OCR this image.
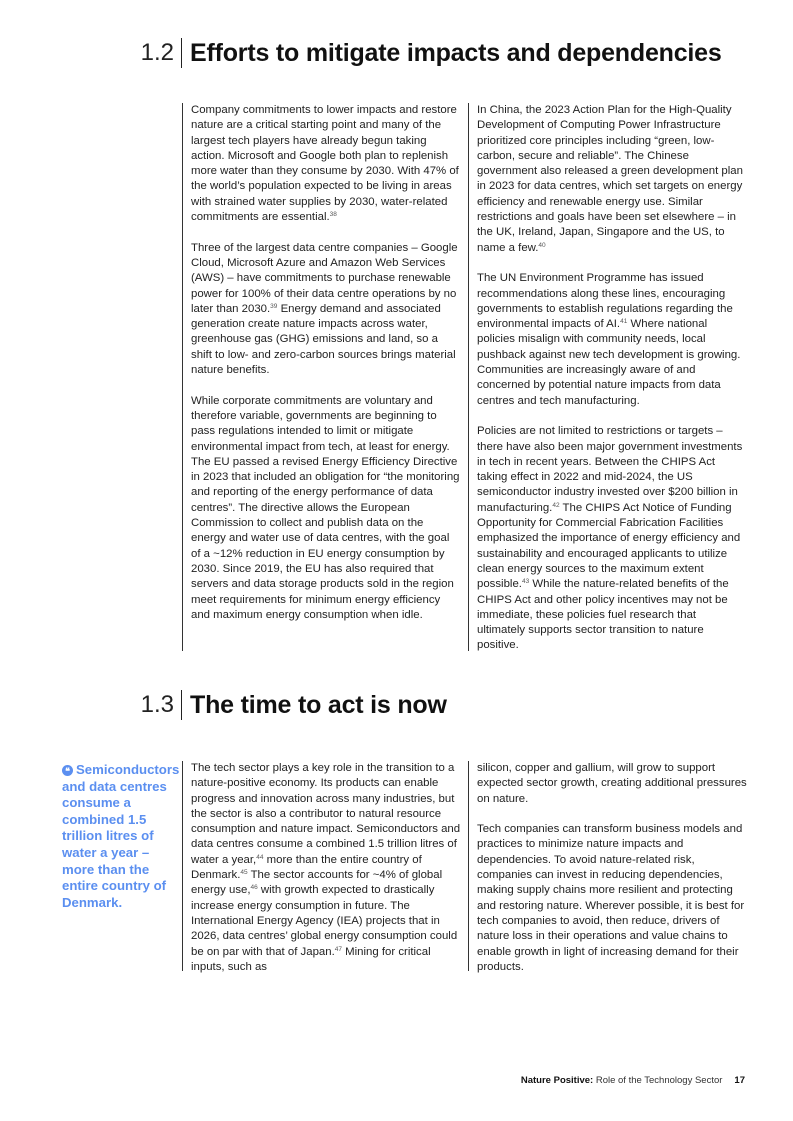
1.2 Efforts to mitigate impacts and dependencies

Company commitments to lower impacts and restore nature are a critical starting point and many of the largest tech players have already begun taking action. Microsoft and Google both plan to replenish more water than they consume by 2030. With 47% of the world’s population expected to be living in areas with strained water supplies by 2030, water-related commitments are essential.$^{38}$

Three of the largest data centre companies – Google Cloud, Microsoft Azure and Amazon Web Services (AWS) – have commitments to purchase renewable power for 100% of their data centre operations by no later than 2030.39 Energy demand and associated generation create nature impacts across water, greenhouse gas (GHG) emissions and land, so a shift to low- and zero-carbon sources brings material nature benefits.

While corporate commitments are voluntary and therefore variable, governments are beginning to pass regulations intended to limit or mitigate environmental impact from tech, at least for energy. The EU passed a revised Energy Efficiency Directive in 2023 that included an obligation for “the monitoring and reporting of the energy performance of data centres”. The directive allows the European Commission to collect and publish data on the energy and water use of data centres, with the goal of a ~12% reduction in EU energy consumption by 2030. Since 2019, the EU has also required that servers and data storage products sold in the region meet requirements for minimum energy efficiency and maximum energy consumption when idle.

In China, the 2023 Action Plan for the High-Quality Development of Computing Power Infrastructure prioritized core principles including “green, low-carbon, secure and reliable”. The Chinese government also released a green development plan in 2023 for data centres, which set targets on energy efficiency and renewable energy use. Similar restrictions and goals have been set elsewhere – in the UK, Ireland, Japan, Singapore and the US, to name a few.$^{40}$

The UN Environment Programme has issued recommendations along these lines, encouraging governments to establish regulations regarding the environmental impacts of AI.$^{41}$ Where national policies misalign with community needs, local pushback against new tech development is growing. Communities are increasingly aware of and concerned by potential nature impacts from data centres and tech manufacturing.

Policies are not limited to restrictions or targets – there have also been major government investments in tech in recent years. Between the CHIPS Act taking effect in 2022 and mid-2024, the US semiconductor industry invested over $200 billion in manufacturing.$^{42}$ The CHIPS Act Notice of Funding Opportunity for Commercial Fabrication Facilities emphasized the importance of energy efficiency and sustainability and encouraged applicants to utilize clean energy sources to the maximum extent possible.$^{43}$ While the nature-related benefits of the CHIPS Act and other policy incentives may not be immediate, these policies fuel research that ultimately supports sector transition to nature positive.

1.3 The time to act is now
❝ Semiconductors and data centres consume a combined 1.5 trillion litres of water a year – more than the entire country of Denmark.

The tech sector plays a key role in the transition to a nature-positive economy. Its products can enable progress and innovation across many industries, but the sector is also a contributor to natural resource consumption and nature impact. Semiconductors and data centres consume a combined 1.5 trillion litres of water a year,$^{44}$ more than the entire country of Denmark.$^{45}$ The sector accounts for ~4% of global energy use,$^{46}$ with growth expected to drastically increase energy consumption in future. The International Energy Agency (IEA) projects that in 2026, data centres’ global energy consumption could be on par with that of Japan.$^{47}$ Mining for critical inputs, such as

silicon, copper and gallium, will grow to support expected sector growth, creating additional pressures on nature.

Tech companies can transform business models and practices to minimize nature impacts and dependencies. To avoid nature-related risk, companies can invest in reducing dependencies, making supply chains more resilient and protecting and restoring nature. Wherever possible, it is best for tech companies to avoid, then reduce, drivers of nature loss in their operations and value chains to enable growth in light of increasing demand for their products.

Nature Positive: Role of the Technology Sector 17
